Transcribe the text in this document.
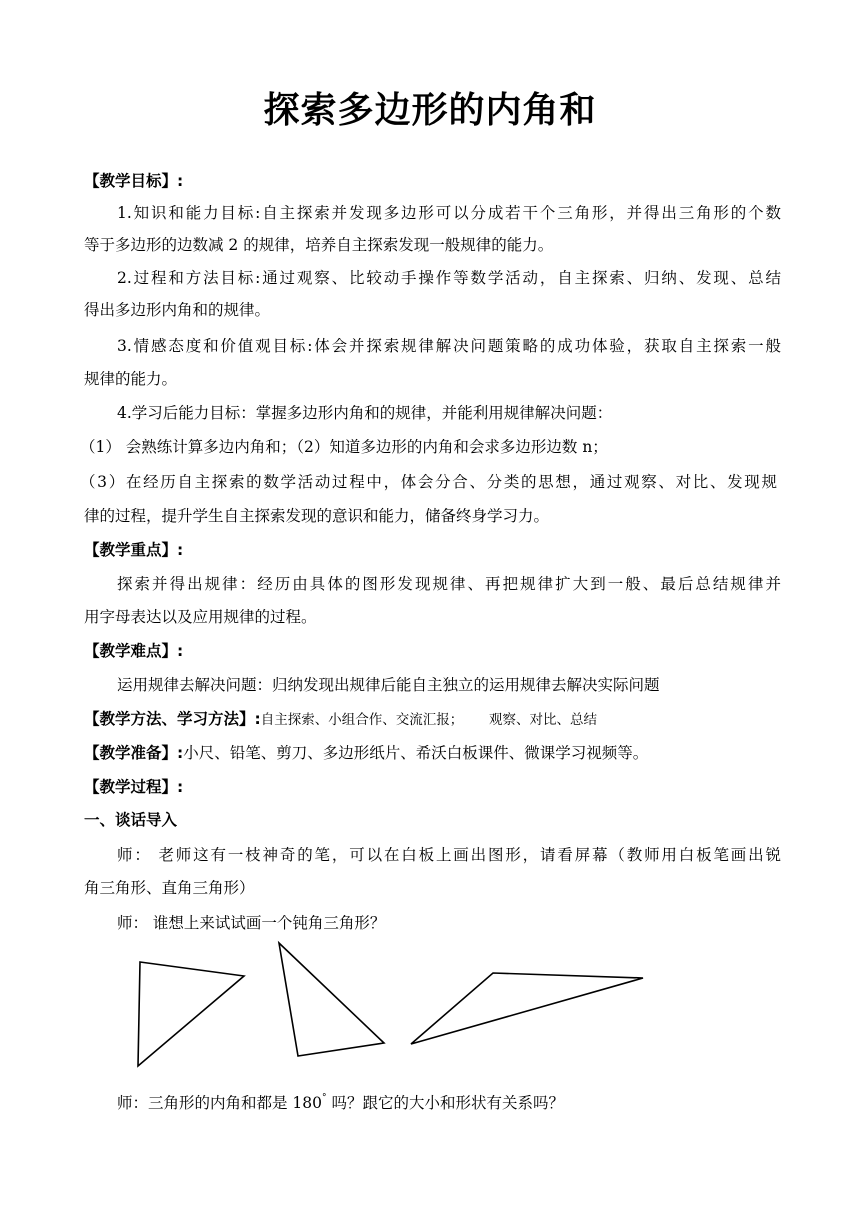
探索多边形的内角和
【教学目标】:
1.知识和能力目标:自主探索并发现多边形可以分成若干个三角形，并得出三角形的个数
等于多边形的边数减 2 的规律，培养自主探索发现一般规律的能力。
2.过程和方法目标:通过观察、比较动手操作等数学活动，自主探索、归纳、发现、总结
得出多边形内角和的规律。
3.情感态度和价值观目标:体会并探索规律解决问题策略的成功体验，获取自主探索一般
规律的能力。
4.学习后能力目标：掌握多边形内角和的规律，并能利用规律解决问题：
（1） 会熟练计算多边内角和；（2）知道多边形的内角和会求多边形边数 n；
（3）在经历自主探索的数学活动过程中，体会分合、分类的思想，通过观察、对比、发现规
律的过程，提升学生自主探索发现的意识和能力，储备终身学习力。
【教学重点】:
探索并得出规律：经历由具体的图形发现规律、再把规律扩大到一般、最后总结规律并
用字母表达以及应用规律的过程。
【教学难点】:
运用规律去解决问题：归纳发现出规律后能自主独立的运用规律去解决实际问题
【教学方法、学习方法】:自主探索、小组合作、交流汇报；      观察、对比、总结
【教学准备】:小尺、铅笔、剪刀、多边形纸片、希沃白板课件、微课学习视频等。
【教学过程】:
一、谈话导入
师： 老师这有一枝神奇的笔，可以在白板上画出图形，请看屏幕（教师用白板笔画出锐
角三角形、直角三角形）
师： 谁想上来试试画一个钝角三角形？
师：三角形的内角和都是 180° 吗？跟它的大小和形状有关系吗？
